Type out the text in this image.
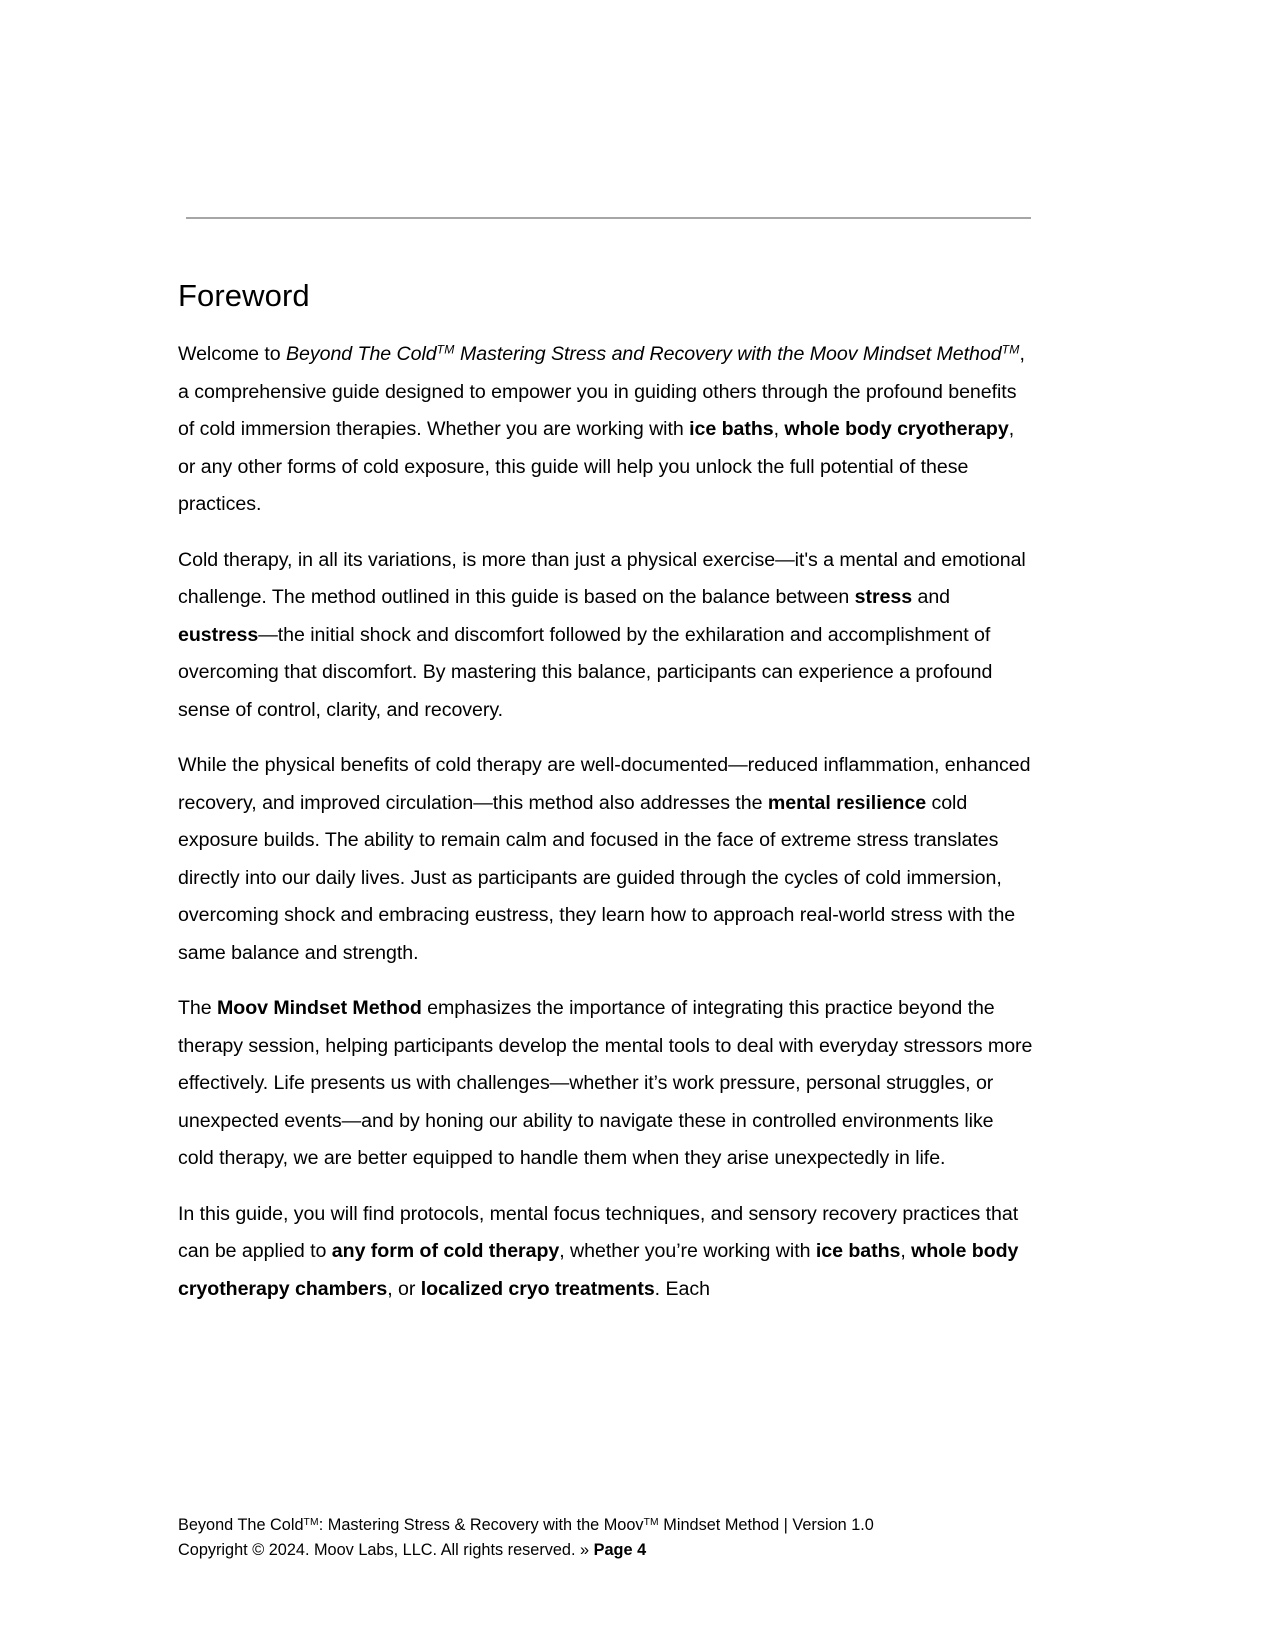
Foreword

Welcome to Beyond The Cold™ Mastering Stress and Recovery with the Moov Mindset Method™, a comprehensive guide designed to empower you in guiding others through the profound benefits of cold immersion therapies. Whether you are working with ice baths, whole body cryotherapy, or any other forms of cold exposure, this guide will help you unlock the full potential of these practices.

Cold therapy, in all its variations, is more than just a physical exercise—it's a mental and emotional challenge. The method outlined in this guide is based on the balance between stress and eustress—the initial shock and discomfort followed by the exhilaration and accomplishment of overcoming that discomfort. By mastering this balance, participants can experience a profound sense of control, clarity, and recovery.

While the physical benefits of cold therapy are well-documented—reduced inflammation, enhanced recovery, and improved circulation—this method also addresses the mental resilience cold exposure builds. The ability to remain calm and focused in the face of extreme stress translates directly into our daily lives. Just as participants are guided through the cycles of cold immersion, overcoming shock and embracing eustress, they learn how to approach real-world stress with the same balance and strength.

The Moov Mindset Method emphasizes the importance of integrating this practice beyond the therapy session, helping participants develop the mental tools to deal with everyday stressors more effectively. Life presents us with challenges—whether it’s work pressure, personal struggles, or unexpected events—and by honing our ability to navigate these in controlled environments like cold therapy, we are better equipped to handle them when they arise unexpectedly in life.

In this guide, you will find protocols, mental focus techniques, and sensory recovery practices that can be applied to any form of cold therapy, whether you’re working with ice baths, whole body cryotherapy chambers, or localized cryo treatments. Each

Beyond The Cold™: Mastering Stress & Recovery with the Moov™ Mindset Method | Version 1.0
Copyright © 2024. Moov Labs, LLC. All rights reserved. » Page 4
